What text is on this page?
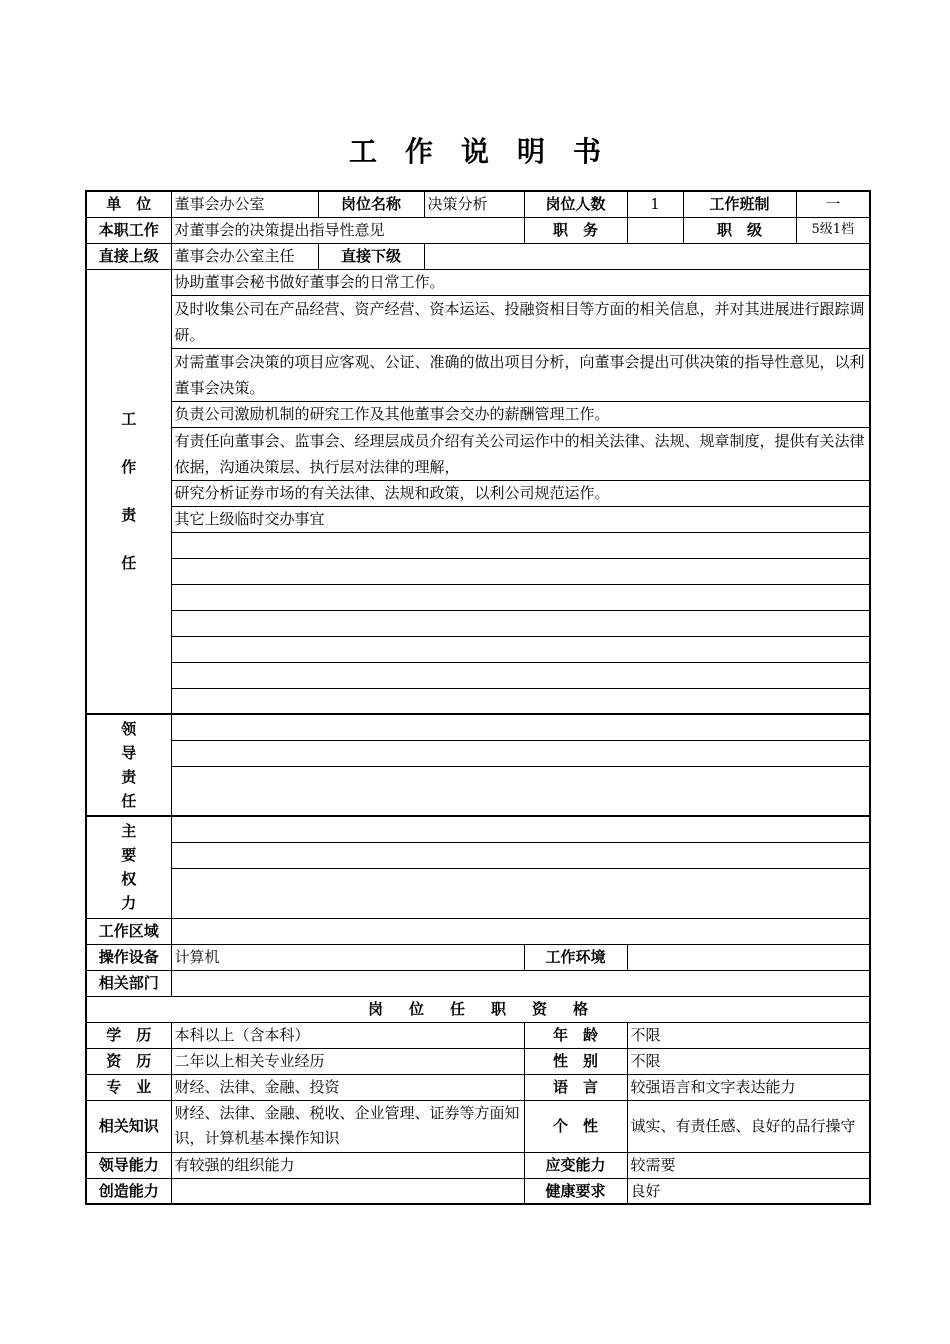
工作说明书
单　位	董事会办公室	岗位名称	决策分析	岗位人数	1	工作班制	一
本职工作	对董事会的决策提出指导性意见			职　务		职　级	5级1档
直接上级	董事会办公室主任	直接下级					

工
作
责
任	协助董事会秘书做好董事会的日常工作。						
	及时收集公司在产品经营、资产经营、资本运运、投融资相目等方面的相关信息，并对其进展进行跟踪调研。						
	对需董事会决策的项目应客观、公证、准确的做出项目分析，向董事会提出可供决策的指导性意见，以利董事会决策。						
	负责公司激励机制的研究工作及其他董事会交办的薪酬管理工作。						
	有责任向董事会、监事会、经理层成员介绍有关公司运作中的相关法律、法规、规章制度，提供有关法律依据，沟通决策层、执行层对法律的理解，						
	研究分析证券市场的有关法律、法规和政策，以利公司规范运作。						
	其它上级临时交办事宜						

领
导
责
任							

主
要
权
力							

工作区域							
操作设备	计算机			工作环境			
相关部门							
岗位任职资格							
学　历	本科以上（含本科）			年　龄	不限		
资　历	二年以上相关专业经历			性　别	不限		
专　业	财经、法律、金融、投资			语　言	较强语言和文字表达能力		
相关知识	财经、法律、金融、税收、企业管理、证券等方面知识，计算机基本操作知识			个　性	诚实、有责任感、良好的品行操守		
领导能力	有较强的组织能力			应变能力	较需要		
创造能力				健康要求	良好		
